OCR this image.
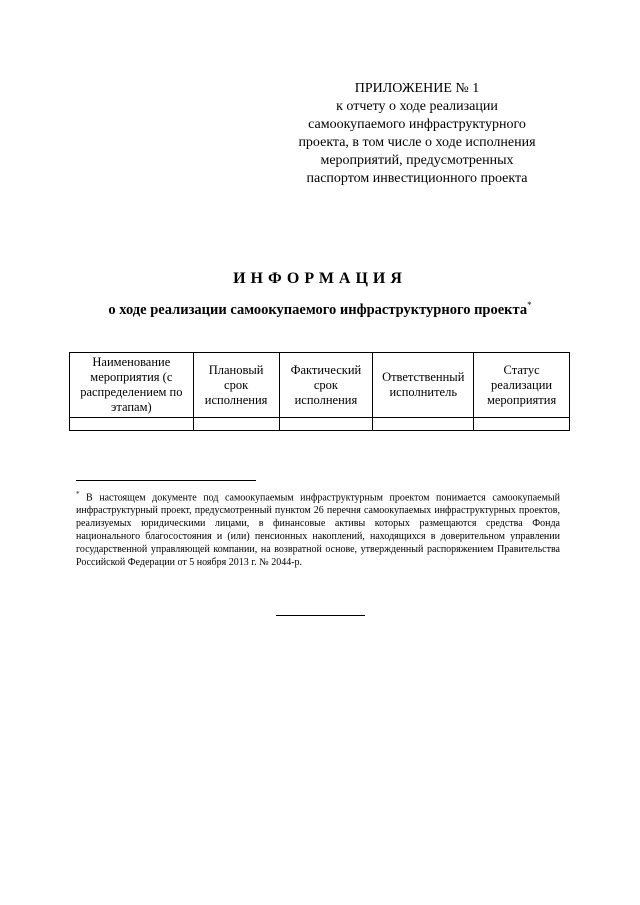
ПРИЛОЖЕНИЕ № 1
к отчету о ходе реализации
самоокупаемого инфраструктурного
проекта, в том числе о ходе исполнения
мероприятий, предусмотренных
паспортом инвестиционного проекта
ИНФОРМАЦИЯ
о ходе реализации самоокупаемого инфраструктурного проекта*
Наименование мероприятия (с распределением по этапам)	Плановый срок исполнения	Фактический срок исполнения	Ответственный исполнитель	Статус реализации мероприятия

* В настоящем документе под самоокупаемым инфраструктурным проектом понимается самоокупаемый инфраструктурный проект, предусмотренный пунктом 26 перечня самоокупаемых инфраструктурных проектов, реализуемых юридическими лицами, в финансовые активы которых размещаются средства Фонда национального благосостояния и (или) пенсионных накоплений, находящихся в доверительном управлении государственной управляющей компании, на возвратной основе, утвержденный распоряжением Правительства Российской Федерации от 5 ноября 2013 г. № 2044-р.
